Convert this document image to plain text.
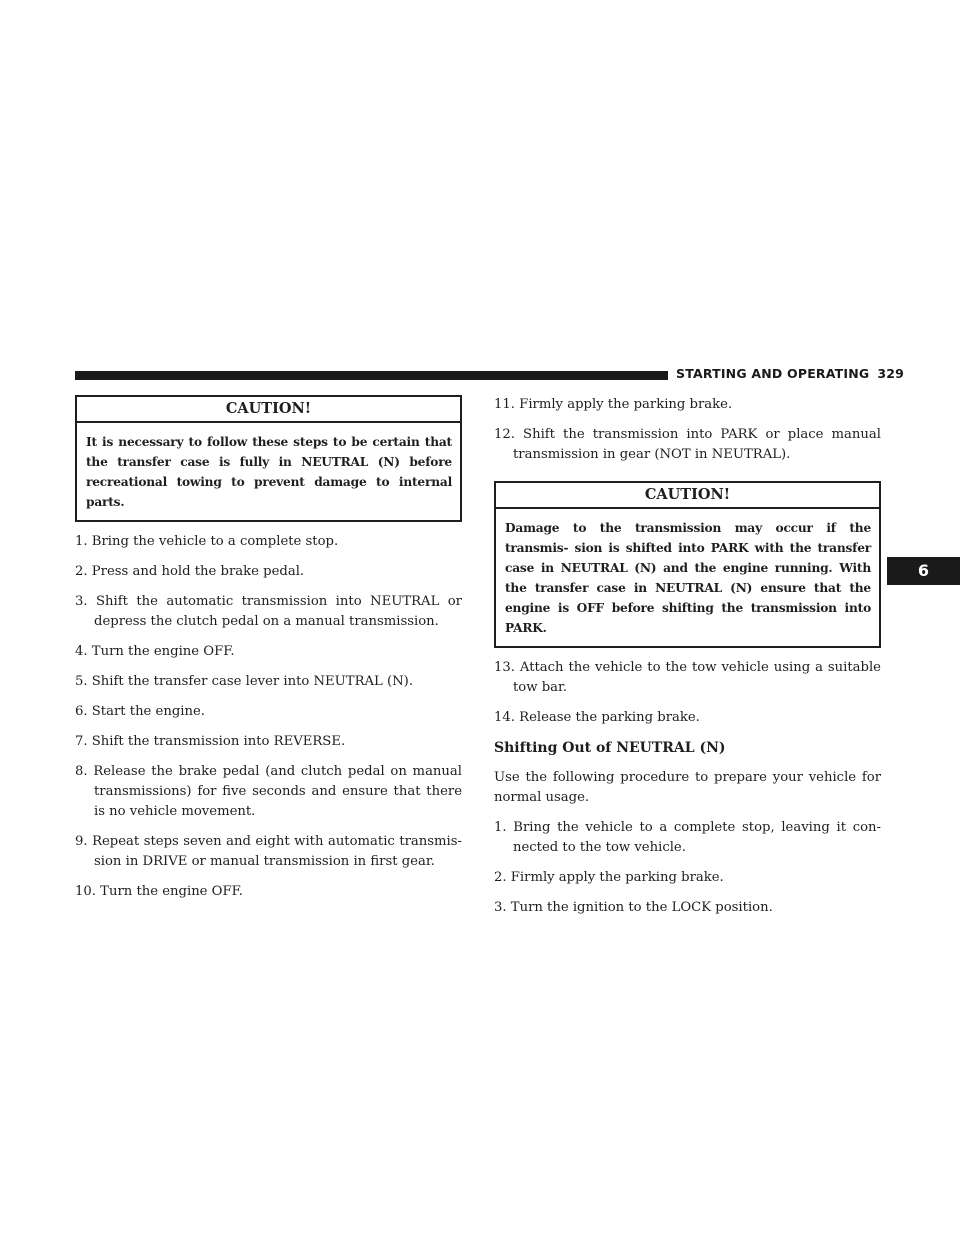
STARTING AND OPERATING 329
6
CAUTION!
It is necessary to follow these steps to be certain that the transfer case is fully in NEUTRAL (N) before recreational towing to prevent damage to internal parts.

1. Bring the vehicle to a complete stop.

2. Press and hold the brake pedal.

3. Shift the automatic transmission into NEUTRAL or depress the clutch pedal on a manual transmission.

4. Turn the engine OFF.

5. Shift the transfer case lever into NEUTRAL (N).

6. Start the engine.

7. Shift the transmission into REVERSE.

8. Release the brake pedal (and clutch pedal on manual transmissions) for five seconds and ensure that there is no vehicle movement.

9. Repeat steps seven and eight with automatic transmis- sion in DRIVE or manual transmission in first gear.

10. Turn the engine OFF.

11. Firmly apply the parking brake.

12. Shift the transmission into PARK or place manual transmission in gear (NOT in NEUTRAL).

CAUTION!
Damage to the transmission may occur if the transmis- sion is shifted into PARK with the transfer case in NEUTRAL (N) and the engine running. With the transfer case in NEUTRAL (N) ensure that the engine is OFF before shifting the transmission into PARK.

13. Attach the vehicle to the tow vehicle using a suitable tow bar.

14. Release the parking brake.

Shifting Out of NEUTRAL (N)

Use the following procedure to prepare your vehicle for normal usage.

1. Bring the vehicle to a complete stop, leaving it con- nected to the tow vehicle.

2. Firmly apply the parking brake.

3. Turn the ignition to the LOCK position.
